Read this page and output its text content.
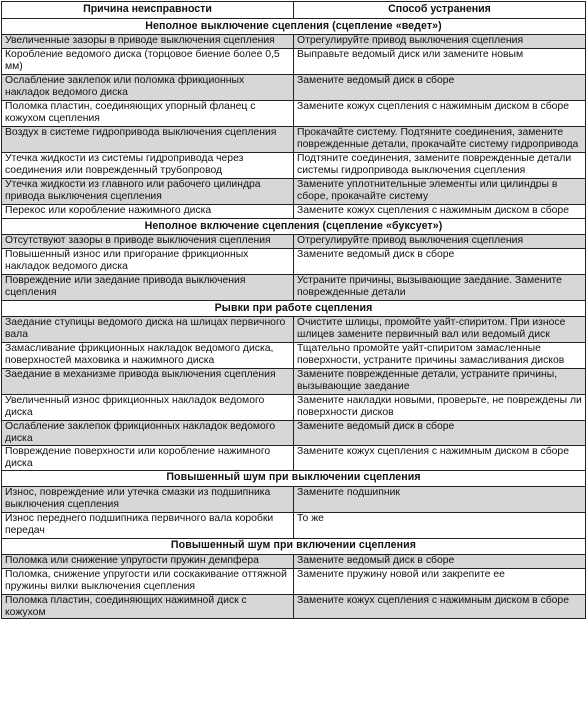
Причина неисправности	Способ устранения
Неполное выключение сцепления (сцепление «ведет»)	
Увеличенные зазоры в приводе выключения сцепления	Отрегулируйте привод выключения сцепления
Коробление ведомого диска (торцовое биение более 0,5 мм)	Выправьте ведомый диск или замените новым
Ослабление заклепок или поломка фрикционных накладок ведомого диска	Замените ведомый диск в сборе
Поломка пластин, соединяющих упорный фланец с кожухом сцепления	Замените кожух сцепления с нажимным диском в сборе
Воздух в системе гидропривода выключения сцепления	Прокачайте систему. Подтяните соединения, замените поврежденные детали, прокачайте систему гидропривода
Утечка жидкости из системы гидропривода через соединения или поврежденный трубопровод	Подтяните соединения, замените поврежденные детали системы гидропривода выключения сцепления
Утечка жидкости из главного или рабочего цилиндра привода выключения сцепления	Замените уплотнительные элементы или цилиндры в сборе, прокачайте систему
Перекос или коробление нажимного диска	Замените кожух сцепления с нажимным диском в сборе
Неполное включение сцепления (сцепление «буксует»)	
Отсутствуют зазоры в приводе выключения сцепления	Отрегулируйте привод выключения сцепления
Повышенный износ или пригорание фрикционных накладок ведомого диска	Замените ведомый диск в сборе
Повреждение или заедание привода выключения сцепления	Устраните причины, вызывающие заедание. Замените поврежденные детали
Рывки при работе сцепления	
Заедание ступицы ведомого диска на шлицах первичного вала	Очистите шлицы, промойте уайт-спиритом. При износе шлицев замените первичный вал или ведомый диск
Замасливание фрикционных накладок ведомого диска, поверхностей маховика и нажимного диска	Тщательно промойте уайт-спиритом замасленные поверхности, устраните причины замасливания дисков
Заедание в механизме привода выключения сцепления	Замените поврежденные детали, устраните причины, вызывающие заедание
Увеличенный износ фрикционных накладок ведомого диска	Замените накладки новыми, проверьте, не повреждены ли поверхности дисков
Ослабление заклепок фрикционных накладок ведомого диска	Замените ведомый диск в сборе
Повреждение поверхности или коробление нажимного диска	Замените кожух сцепления с нажимным диском в сборе
Повышенный шум при выключении сцепления	
Износ, повреждение или утечка смазки из подшипника выключения сцепления	Замените подшипник
Износ переднего подшипника первичного вала коробки передач	То же
Повышенный шум при включении сцепления	
Поломка или снижение упругости пружин демпфера	Замените ведомый диск в сборе
Поломка, снижение упругости или соскакивание оттяжной пружины вилки выключения сцепления	Замените пружину новой или закрепите ее
Поломка пластин, соединяющих нажимной диск с кожухом	Замените кожух сцепления с нажимным диском в сборе
